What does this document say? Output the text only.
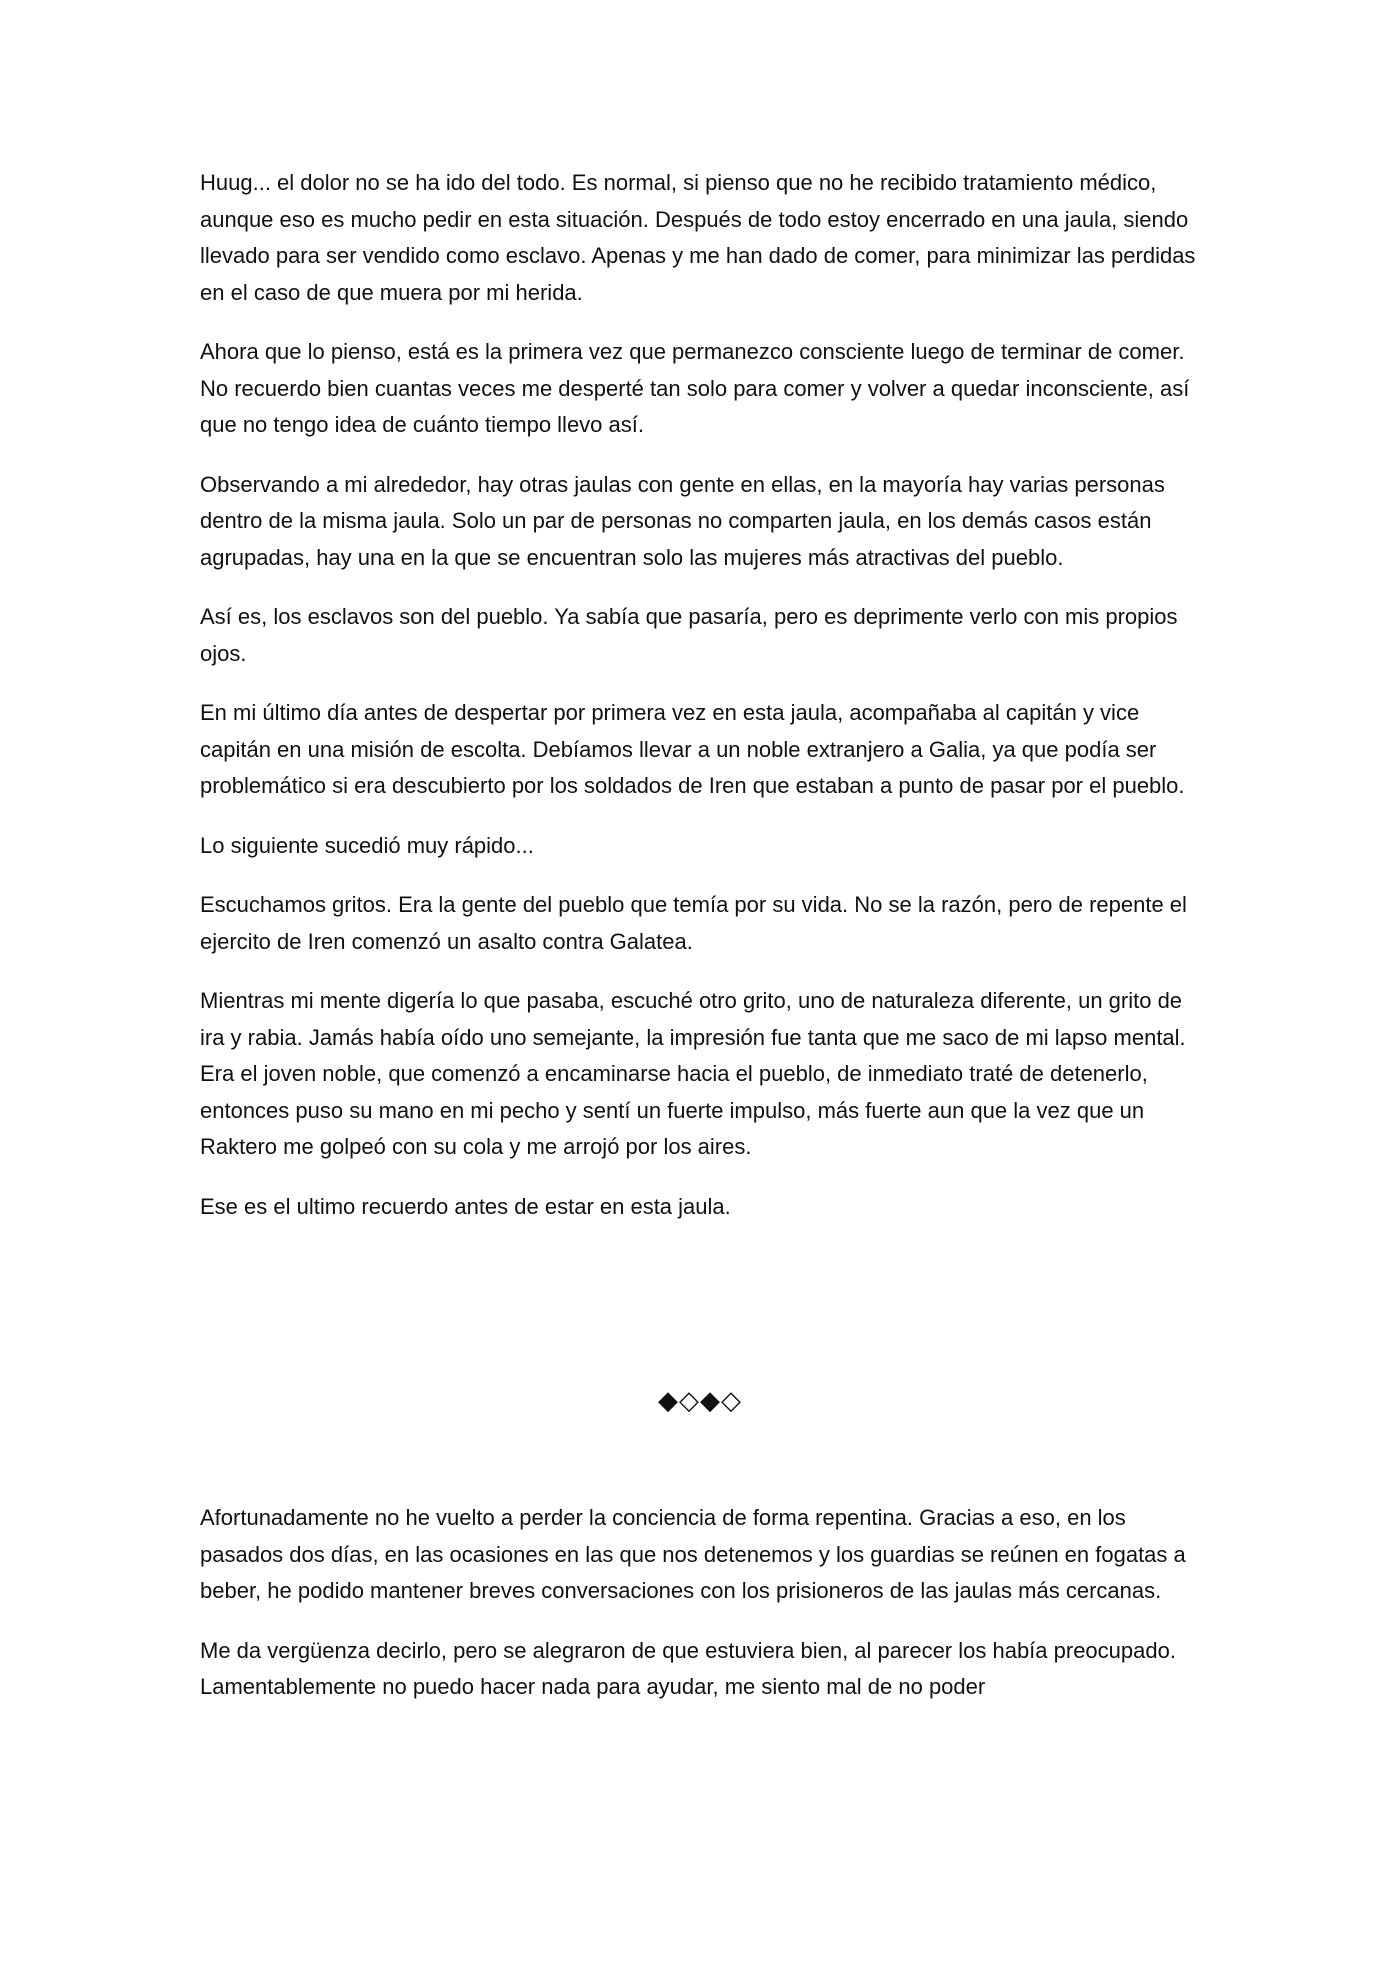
Huug... el dolor no se ha ido del todo. Es normal, si pienso que no he recibido tratamiento médico, aunque eso es mucho pedir en esta situación. Después de todo estoy encerrado en una jaula, siendo llevado para ser vendido como esclavo. Apenas y me han dado de comer, para minimizar las perdidas en el caso de que muera por mi herida.

Ahora que lo pienso, está es la primera vez que permanezco consciente luego de terminar de comer. No recuerdo bien cuantas veces me desperté tan solo para comer y volver a quedar inconsciente, así que no tengo idea de cuánto tiempo llevo así.

Observando a mi alrededor, hay otras jaulas con gente en ellas, en la mayoría hay varias personas dentro de la misma jaula. Solo un par de personas no comparten jaula, en los demás casos están agrupadas, hay una en la que se encuentran solo las mujeres más atractivas del pueblo.

Así es, los esclavos son del pueblo. Ya sabía que pasaría, pero es deprimente verlo con mis propios ojos.

En mi último día antes de despertar por primera vez en esta jaula, acompañaba al capitán y vice capitán en una misión de escolta. Debíamos llevar a un noble extranjero a Galia, ya que podía ser problemático si era descubierto por los soldados de Iren que estaban a punto de pasar por el pueblo.

Lo siguiente sucedió muy rápido...

Escuchamos gritos. Era la gente del pueblo que temía por su vida. No se la razón, pero de repente el ejercito de Iren comenzó un asalto contra Galatea.

Mientras mi mente digería lo que pasaba, escuché otro grito, uno de naturaleza diferente, un grito de ira y rabia. Jamás había oído uno semejante, la impresión fue tanta que me saco de mi lapso mental. Era el joven noble, que comenzó a encaminarse hacia el pueblo, de inmediato traté de detenerlo, entonces puso su mano en mi pecho y sentí un fuerte impulso, más fuerte aun que la vez que un Raktero me golpeó con su cola y me arrojó por los aires.

Ese es el ultimo recuerdo antes de estar en esta jaula.

◆◇◆◇

Afortunadamente no he vuelto a perder la conciencia de forma repentina. Gracias a eso, en los pasados dos días, en las ocasiones en las que nos detenemos y los guardias se reúnen en fogatas a beber, he podido mantener breves conversaciones con los prisioneros de las jaulas más cercanas.

Me da vergüenza decirlo, pero se alegraron de que estuviera bien, al parecer los había preocupado. Lamentablemente no puedo hacer nada para ayudar, me siento mal de no poder
